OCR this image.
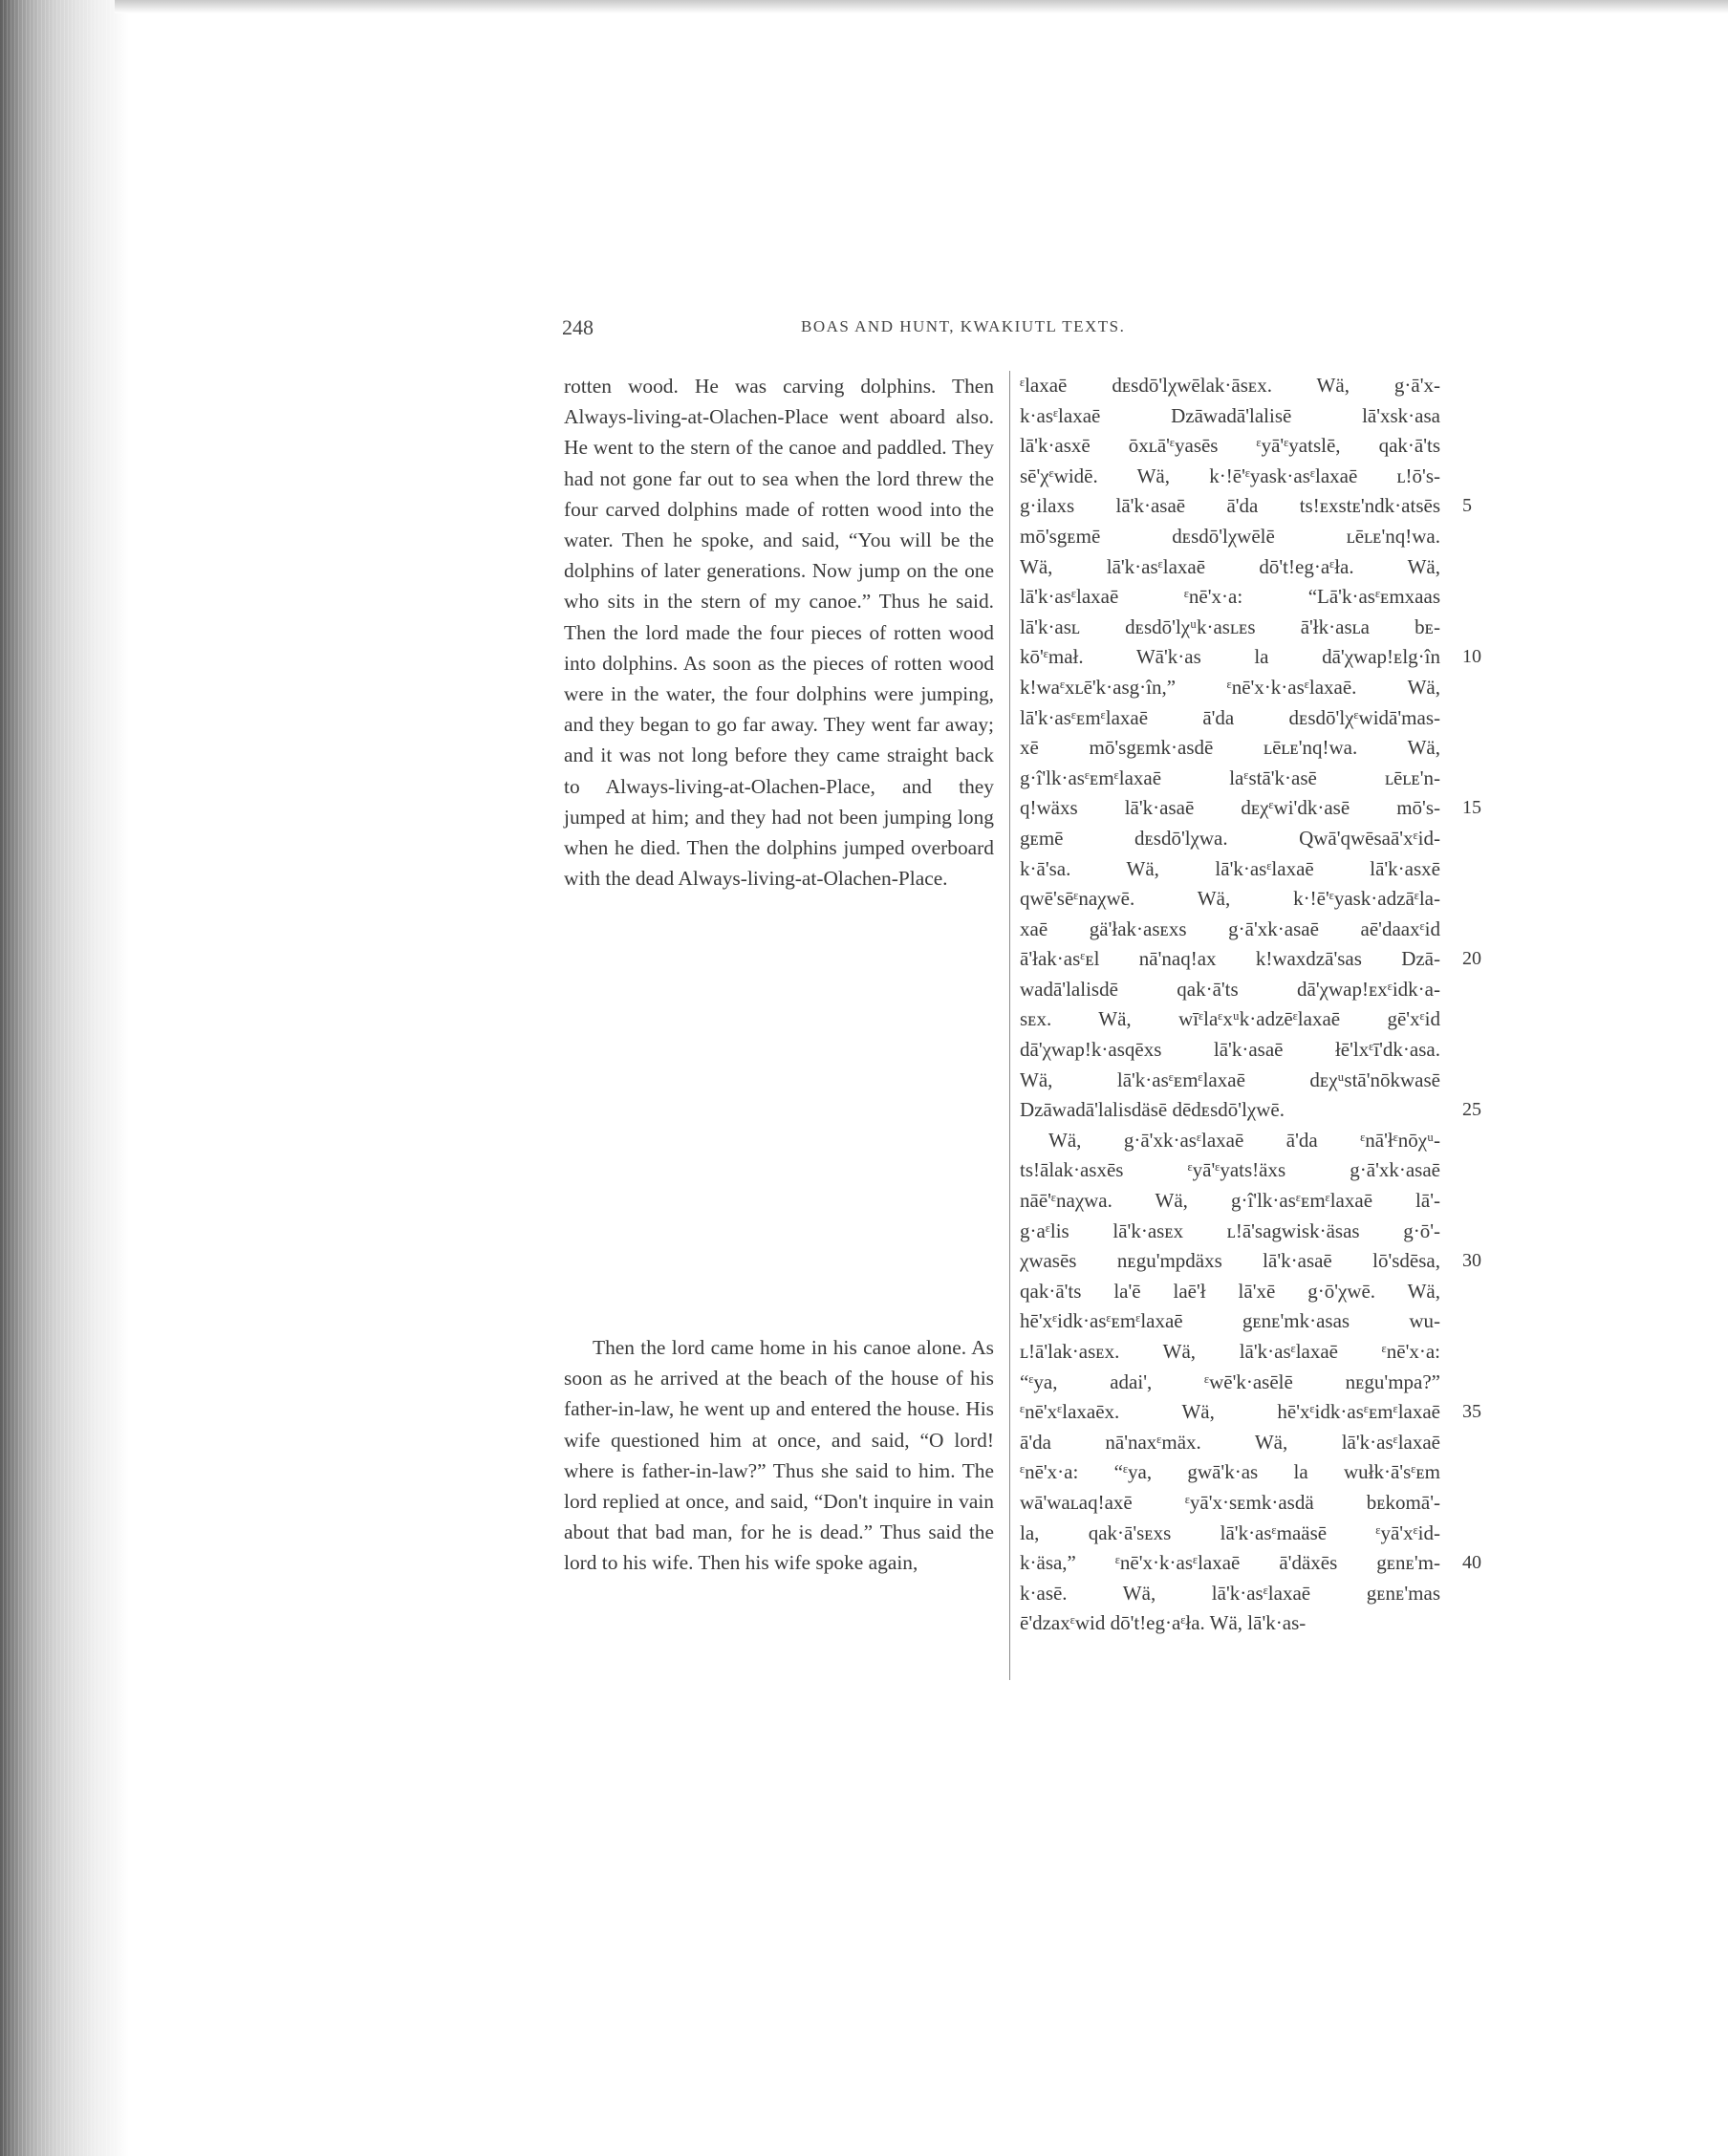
248	BOAS AND HUNT, KWAKIUTL TEXTS.

rotten wood. He was carving dolphins. Then Always-living-at-Olachen-Place went aboard also. He went to the stern of the canoe and paddled. They had not gone far out to sea when the lord threw the four carved dolphins made of rotten wood into the water. Then he spoke, and said, “You will be the dolphins of later generations. Now jump on the one who sits in the stern of my canoe.” Thus he said. Then the lord made the four pieces of rotten wood into dolphins. As soon as the pieces of rotten wood were in the water, the four dolphins were jumping, and they began to go far away. They went far away; and it was not long before they came straight back to Always-living-at-Olachen-Place, and they jumped at him; and they had not been jumping long when he died. Then the dolphins jumped overboard with the dead Always-living-at-Olachen-Place.

Then the lord came home in his canoe alone. As soon as he arrived at the beach of the house of his father-in-law, he went up and entered the house. His wife questioned him at once, and said, “O lord! where is father-in-law?” Thus she said to him. The lord replied at once, and said, “Don't inquire in vain about that bad man, for he is dead.” Thus said the lord to his wife. Then his wife spoke again,

ᵋlaxaē dᴇsdō'lχwēlak·āsᴇx. Wä, g·ā'x-
k·asᵋlaxaē Dzāwadā'lalisē lā'xsk·asa
lā'k·asxē ōxʟā'ᵋyasēs ᵋyā'ᵋyatslē, qak·ā'ts
sē'χᵋwidē. Wä, k·!ē'ᵋyask·asᵋlaxaē ʟ!ō's-
g·ilaxs lā'k·asaē ā'da ts!ᴇxstᴇ'ndk·atsēs
mō'sgᴇmē dᴇsdō'lχwēlē ʟēʟᴇ'nq!wa.
Wä, lā'k·asᵋlaxaē dō't!eg·aᵋła. Wä,
lā'k·asᵋlaxaē ᵋnē'x·a: “Lā'k·asᵋᴇmxaas
lā'k·asʟ dᴇsdō'lχᵘk·asʟᴇs ā'łk·asʟa bᴇ-
kō'ᵋmał. Wā'k·as la dā'χwap!ᴇlg·în
k!waᵋxʟē'k·asg·în,” ᵋnē'x·k·asᵋlaxaē. Wä,
lā'k·asᵋᴇmᵋlaxaē ā'da dᴇsdō'lχᵋwidā'mas-
xē mō'sgᴇmk·asdē ʟēʟᴇ'nq!wa. Wä,
g·î'lk·asᵋᴇmᵋlaxaē laᵋstā'k·asē ʟēʟᴇ'n-
q!wäxs lā'k·asaē dᴇχᵋwi'dk·asē mō's-
gᴇmē dᴇsdō'lχwa. Qwā'qwēsaā'xᵋid-
k·ā'sa. Wä, lā'k·asᵋlaxaē lā'k·asxē
qwē'sēᵋnaχwē. Wä, k·!ē'ᵋyask·adzāᵋla-
xaē gä'łak·asᴇxs g·ā'xk·asaē aē'daaxᵋid
ā'łak·asᵋᴇl nā'naq!ax k!waxdzā'sas Dzā-
wadā'lalisdē qak·ā'ts dā'χwap!ᴇxᵋidk·a-
sᴇx. Wä, wīᵋlaᵋxᵘk·adzēᵋlaxaē gē'xᵋid
dā'χwap!k·asqēxs lā'k·asaē łē'lxᵋī'dk·asa.
Wä, lā'k·asᵋᴇmᵋlaxaē dᴇχᵘstā'nōkwasē
Dzāwadā'lalisdäsē dēdᴇsdō'lχwē.
Wä, g·ā'xk·asᵋlaxaē ā'da ᵋnā'łᵋnōχᵘ-
ts!ālak·asxēs ᵋyā'ᵋyats!äxs g·ā'xk·asaē
nāē'ᵋnaχwa. Wä, g·î'lk·asᵋᴇmᵋlaxaē lā'-
g·aᵋlis lā'k·asᴇx ʟ!ā'sagwisk·äsas g·ō'-
χwasēs nᴇgu'mpdäxs lā'k·asaē lō'sdēsa,
qak·ā'ts la'ē laē'ł lā'xē g·ō'χwē. Wä,
hē'xᵋidk·asᵋᴇmᵋlaxaē gᴇnᴇ'mk·asas wu-
ʟ!ā'lak·asᴇx. Wä, lā'k·asᵋlaxaē ᵋnē'x·a:
“ᵋya, adai', ᵋwē'k·asēlē nᴇgu'mpa?”
ᵋnē'xᵋlaxaēx. Wä, hē'xᵋidk·asᵋᴇmᵋlaxaē
ā'da nā'naxᵋmäx. Wä, lā'k·asᵋlaxaē
ᵋnē'x·a: “ᵋya, gwā'k·as la wułk·ā'sᵋᴇm
wā'waʟaq!axē ᵋyā'x·sᴇmk·asdä bᴇkomā'-
la, qak·ā'sᴇxs lā'k·asᵋmaäsē ᵋyā'xᵋid-
k·äsa,” ᵋnē'x·k·asᵋlaxaē ā'däxēs gᴇnᴇ'm-
k·asē. Wä, lā'k·asᵋlaxaē gᴇnᴇ'mas
ē'dzaxᵋwid dō't!eg·aᵋła. Wä, lā'k·as-
5
10
15
20
25
30
35
40
